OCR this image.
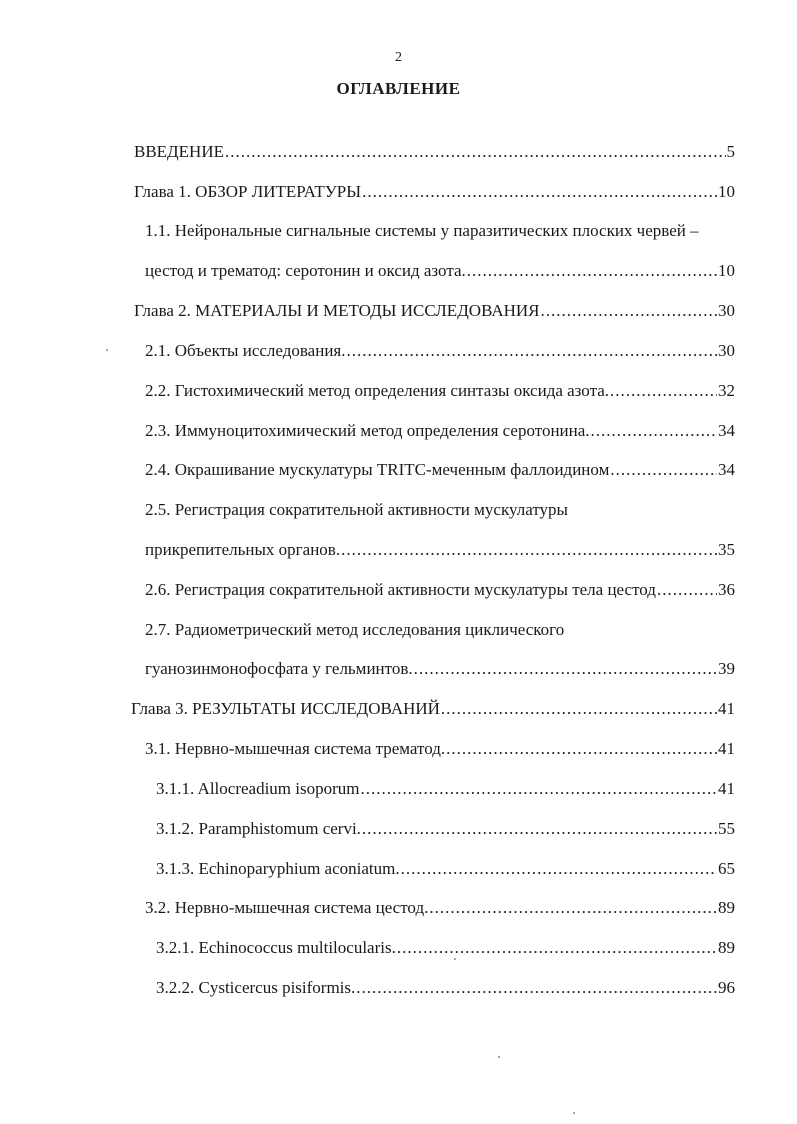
2
ОГЛАВЛЕНИЕ
ВВЕДЕНИЕ .....	5
Глава 1. ОБЗОР ЛИТЕРАТУРЫ .....	10
1.1. Нейрональные сигнальные системы у паразитических плоских червей –
цестод и трематод: серотонин и оксид азота. .....	10
Глава 2. МАТЕРИАЛЫ И МЕТОДЫ ИССЛЕДОВАНИЯ .....	30
2.1. Объекты исследования. .....	30
2.2. Гистохимический метод определения синтазы оксида азота. .....	32
2.3. Иммуноцитохимический метод определения серотонина. .....	34
2.4. Окрашивание мускулатуры TRITC-меченным фаллоидином .....	34
2.5. Регистрация сократительной активности мускулатуры
прикрепительных органов. .....	35
2.6. Регистрация сократительной активности мускулатуры тела цестод .....	36
2.7. Радиометрический метод исследования циклического
гуанозинмонофосфата у гельминтов. .....	39
Глава 3. РЕЗУЛЬТАТЫ ИССЛЕДОВАНИЙ .....	41
3.1. Нервно-мышечная система трематод. .....	41
3.1.1. Allocreadium isoporum .....	41
3.1.2. Paramphistomum cervi. .....	55
3.1.3. Echinoparyphium aconiatum. .....	65
3.2. Нервно-мышечная система цестод. .....	89
3.2.1. Echinococcus multilocularis. .....	89
3.2.2. Cysticercus pisiformis. .....	96
